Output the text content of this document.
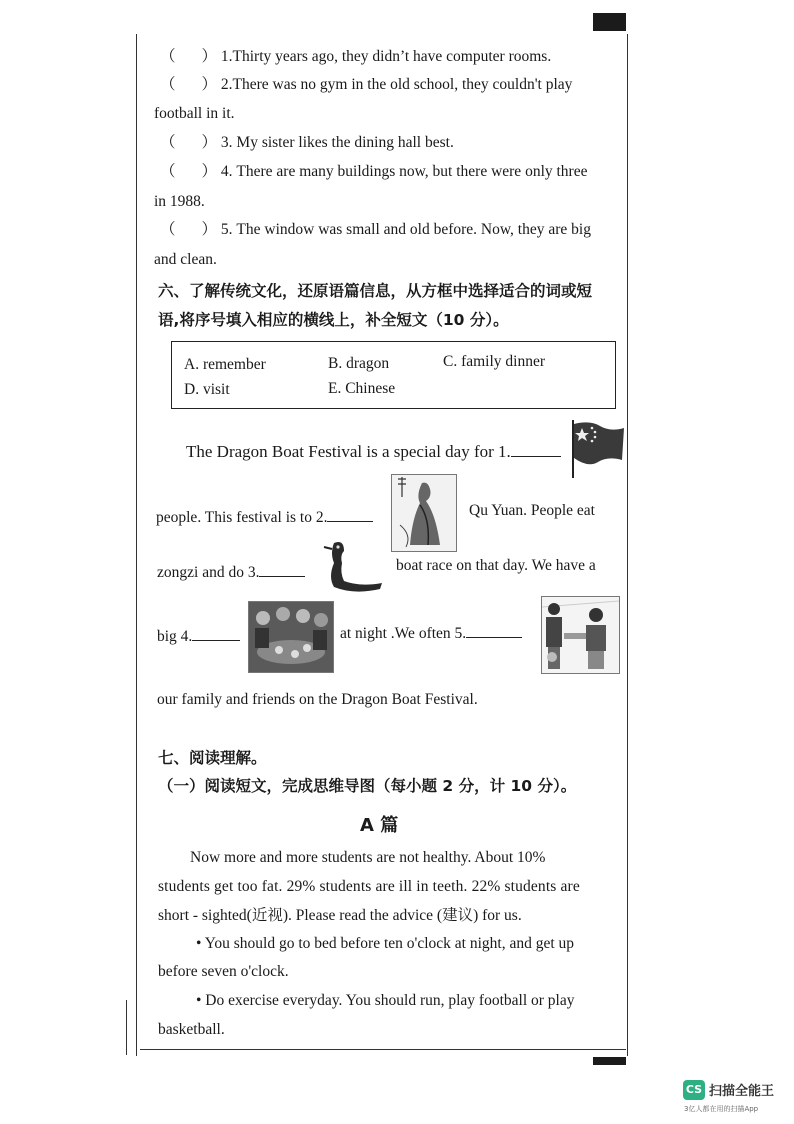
（ ） 1.Thirty years ago, they didn’t have computer rooms.
（ ） 2.There was no gym in the old school, they couldn't play
football in it.
（ ） 3. My sister likes the dining hall best.
（ ） 4. There are many buildings now, but there were only three
in 1988.
（ ） 5. The window was small and old before. Now, they are big
and clean.
六、了解传统文化，还原语篇信息，从方框中选择适合的词或短
语,将序号填入相应的横线上，补全短文（10 分）。
A. remember	B. dragon	C. family dinner
D. visit	E. Chinese
The Dragon Boat Festival is a special day for 1.
people. This festival is to 2.	Qu Yuan. People eat
zongzi and do 3.	boat race on that day. We have a
big 4.	at night .We often 5.
our family and friends on the Dragon Boat Festival.
七、阅读理解。
（一）阅读短文，完成思维导图（每小题 2 分，计 10 分）。
A 篇
Now more and more students are not healthy. About 10%
students get too fat. 29% students are ill in teeth. 22% students are
short - sighted(近视). Please read the advice (建议) for us.
• You should go to bed before ten o'clock at night, and get up
before seven o'clock.
• Do exercise everyday. You should run, play football or play
basketball.
CS 扫描全能王
3亿人都在用的扫描App
